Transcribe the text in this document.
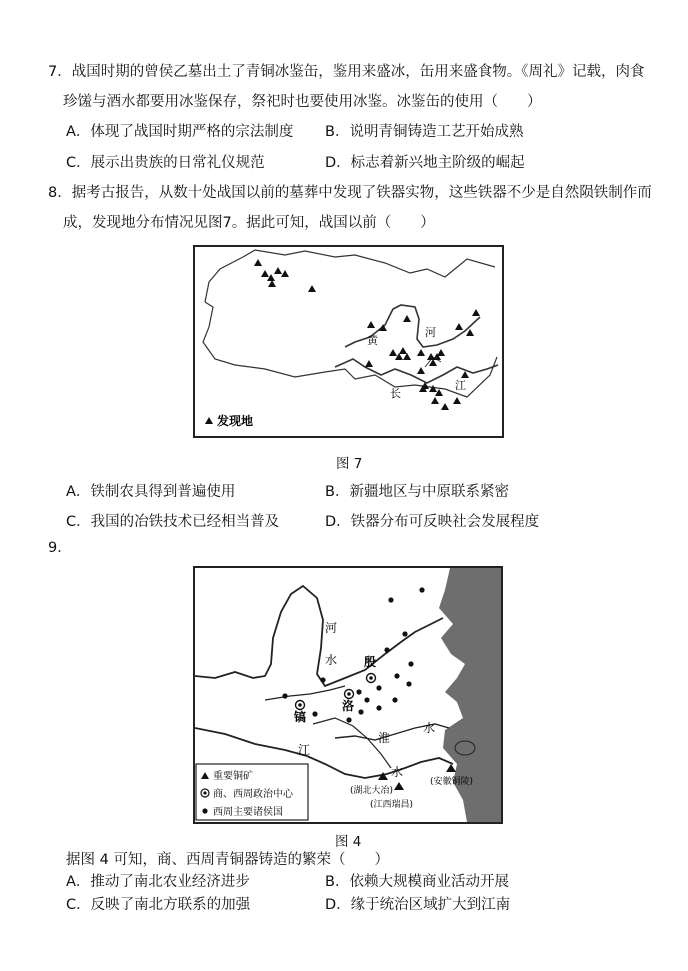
7．战国时期的曾侯乙墓出土了青铜冰鉴缶，鉴用来盛冰，缶用来盛食物。《周礼》记载，肉食
珍馐与酒水都要用冰鉴保存，祭祀时也要使用冰鉴。冰鉴缶的使用（　　）
A．体现了战国时期严格的宗法制度 B．说明青铜铸造工艺开始成熟
C．展示出贵族的日常礼仪规范	D．标志着新兴地主阶级的崛起
8．据考古报告，从数十处战国以前的墓葬中发现了铁器实物，这些铁器不少是自然陨铁制作而
成，发现地分布情况见图7。据此可知，战国以前（　　）
河
黄
长
江
发现地
图 7
A．铁制农具得到普遍使用	B．新疆地区与中原联系紧密
C．我国的冶铁技术已经相当普及	D．铁器分布可反映社会发展程度
9．
河
水
江
淮
水
水
殷
洛
镐
(湖北大冶)
(江西瑞昌)
(安徽铜陵)
重要铜矿
商、西周政治中心
西周主要诸侯国
图 4
据图 4 可知，商、西周青铜器铸造的繁荣（　　）
A．推动了南北农业经济进步	B．依赖大规模商业活动开展
C．反映了南北方联系的加强	D．缘于统治区域扩大到江南
